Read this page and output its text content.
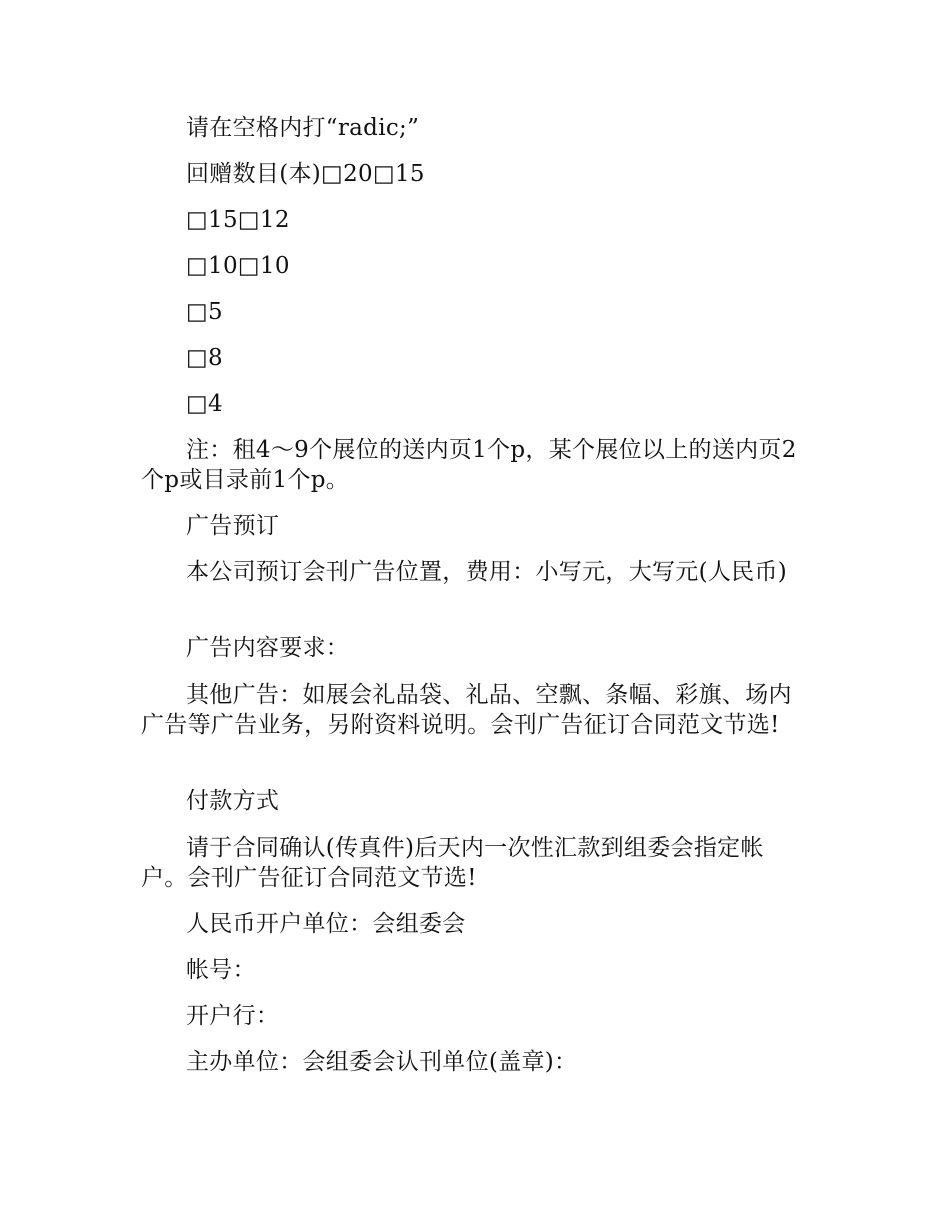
请在空格内打“radic;”

回赠数目(本)□20□15

□15□12

□10□10

□5

□8

□4

注：租4～9个展位的送内页1个p，某个展位以上的送内页2个p或目录前1个p。

广告预订

本公司预订会刊广告位置，费用：小写元，大写元(人民币)

广告内容要求：

其他广告：如展会礼品袋、礼品、空飘、条幅、彩旗、场内广告等广告业务，另附资料说明。会刊广告征订合同范文节选!

付款方式

请于合同确认(传真件)后天内一次性汇款到组委会指定帐户。会刊广告征订合同范文节选!

人民币开户单位：会组委会

帐号：

开户行：

主办单位：会组委会认刊单位(盖章)：
